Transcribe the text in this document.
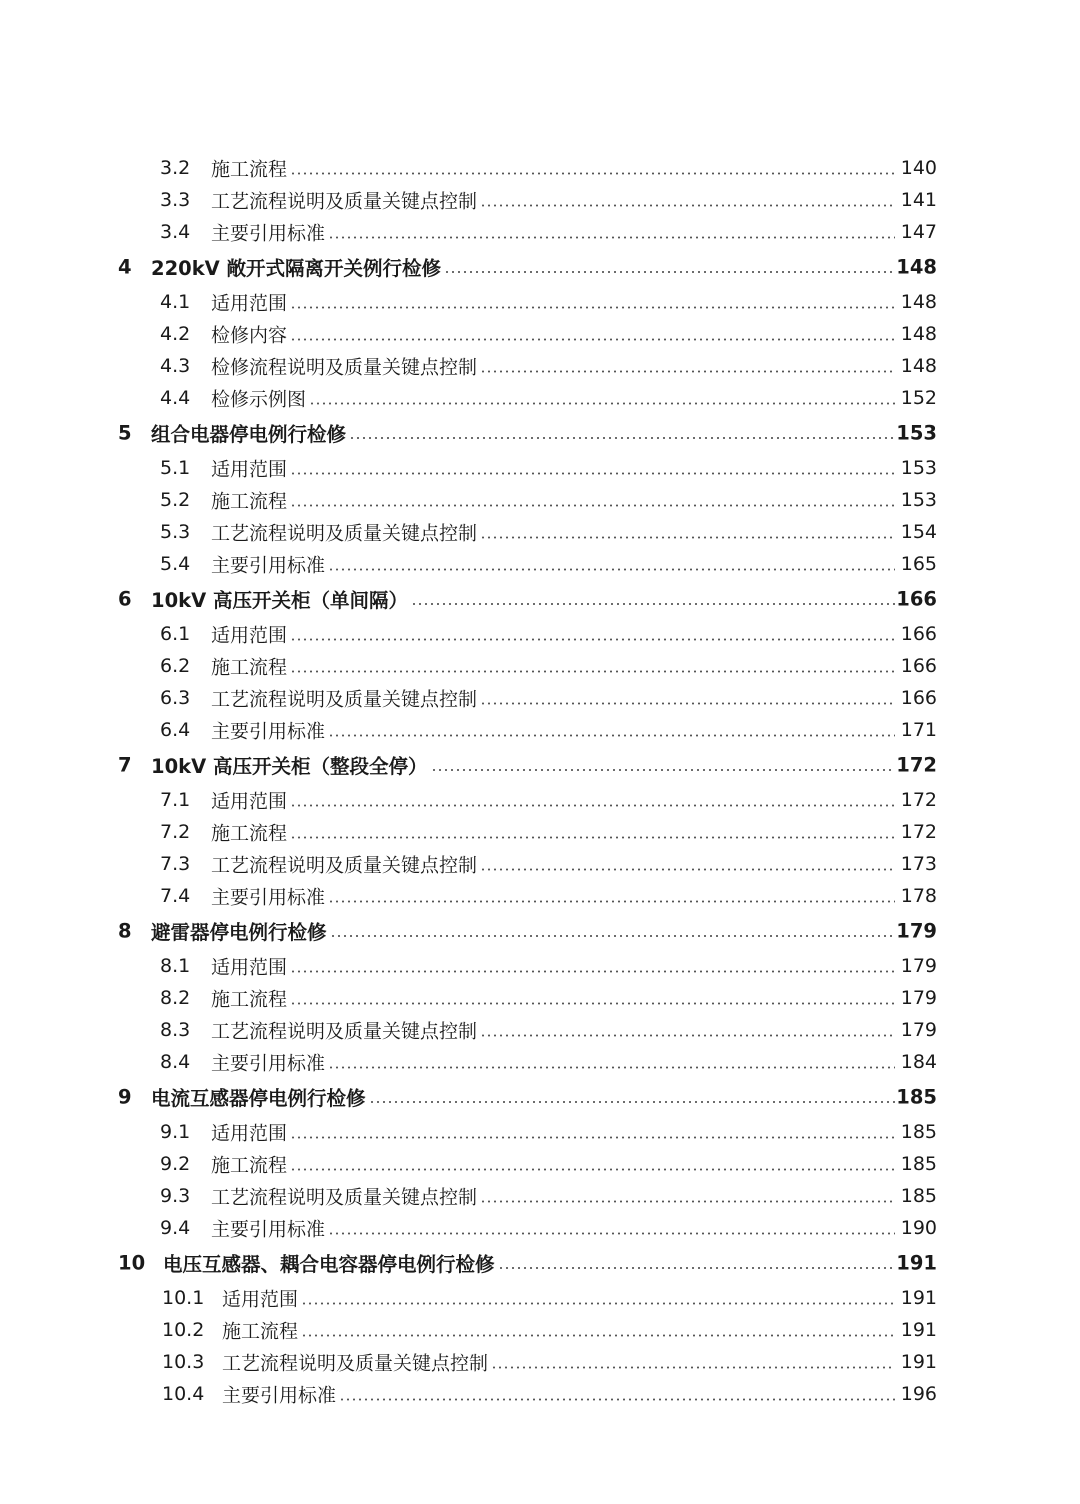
3.2 施工流程	140
3.3 工艺流程说明及质量关键点控制	141
3.4 主要引用标准	147
4 220kV 敞开式隔离开关例行检修	148
4.1 适用范围	148
4.2 检修内容	148
4.3 检修流程说明及质量关键点控制	148
4.4 检修示例图	152
5 组合电器停电例行检修	153
5.1 适用范围	153
5.2 施工流程	153
5.3 工艺流程说明及质量关键点控制	154
5.4 主要引用标准	165
6 10kV 高压开关柜（单间隔）	166
6.1 适用范围	166
6.2 施工流程	166
6.3 工艺流程说明及质量关键点控制	166
6.4 主要引用标准	171
7 10kV 高压开关柜（整段全停）	172
7.1 适用范围	172
7.2 施工流程	172
7.3 工艺流程说明及质量关键点控制	173
7.4 主要引用标准	178
8 避雷器停电例行检修	179
8.1 适用范围	179
8.2 施工流程	179
8.3 工艺流程说明及质量关键点控制	179
8.4 主要引用标准	184
9 电流互感器停电例行检修	185
9.1 适用范围	185
9.2 施工流程	185
9.3 工艺流程说明及质量关键点控制	185
9.4 主要引用标准	190
10 电压互感器、耦合电容器停电例行检修	191
10.1 适用范围	191
10.2 施工流程	191
10.3 工艺流程说明及质量关键点控制	191
10.4 主要引用标准	196
